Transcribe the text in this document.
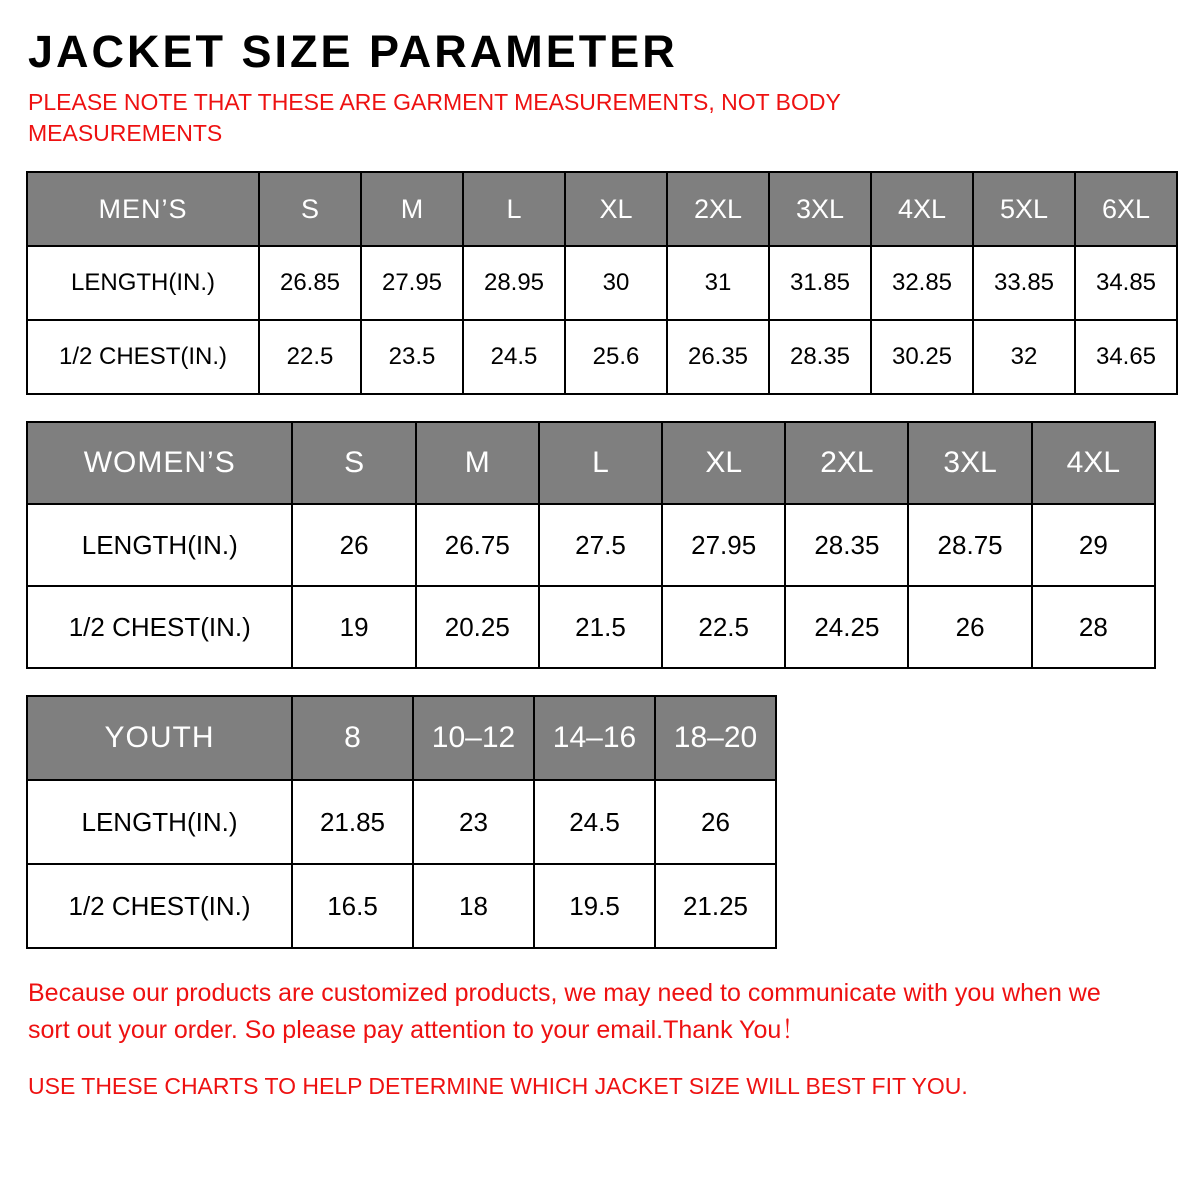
JACKET SIZE PARAMETER

PLEASE NOTE THAT THESE ARE GARMENT MEASUREMENTS, NOT BODY MEASUREMENTS

MEN’S	S	M	L	XL	2XL	3XL	4XL	5XL	6XL
LENGTH(IN.)	26.85	27.95	28.95	30	31	31.85	32.85	33.85	34.85
1/2 CHEST(IN.)	22.5	23.5	24.5	25.6	26.35	28.35	30.25	32	34.65
WOMEN’S	S	M	L	XL	2XL	3XL	4XL
LENGTH(IN.)	26	26.75	27.5	27.95	28.35	28.75	29
1/2 CHEST(IN.)	19	20.25	21.5	22.5	24.25	26	28
YOUTH	8	10–12	14–16	18–20
LENGTH(IN.)	21.85	23	24.5	26
1/2 CHEST(IN.)	16.5	18	19.5	21.25
Because our products are customized products, we may need to communicate with you when we sort out your order. So please pay attention to your email.Thank You！
USE THESE CHARTS TO HELP DETERMINE WHICH JACKET SIZE WILL BEST FIT YOU.
